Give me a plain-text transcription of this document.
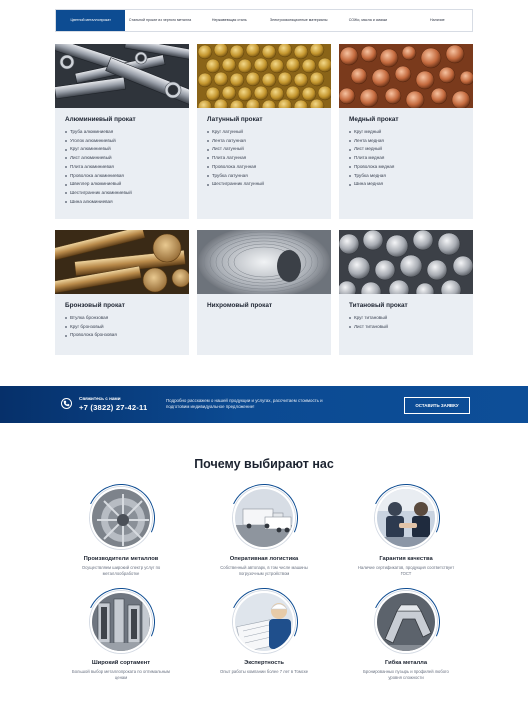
Цветной металлопрокат	Стальной прокат из черного металла	Нержавеющая сталь	Электроизоляционные материалы	СОЖи, масла и смазки	Наличие
Алюминиевый прокат
Труба алюминиевая
Уголок алюминиевый
Круг алюминиевый
Лист алюминиевый
Плита алюминиевая
Проволока алюминиевая
Швеллер алюминиевый
Шестигранник алюминиевый
Шина алюминиевая
Латунный прокат
Круг латунный
Лента латунная
Лист латунный
Плита латунная
Проволока латунная
Трубка латунная
Шестигранник латунный
Медный прокат
Круг медный
Лента медная
Лист медный
Плита медная
Проволока медная
Трубка медная
Шина медная
Бронзовый прокат
Втулка бронзовая
Круг бронзовый
Проволока бронзовая
Нихромовый прокат	Титановый прокат
Круг титановый
Лист титановый
Свяжитесь с нами
+7 (3822) 27-42-11
Подробно расскажем о нашей продукции и услугах, рассчитаем стоимость и подготовим индивидуальное предложение!	ОСТАВИТЬ ЗАЯВКУ
Почему выбирают нас
Производители металлов
Осуществляем широкий спектр услуг по металлообработке
Оперативная логистика
Собственный автопарк, в том числе машины погрузочным устройством
Гарантия качества
Наличие сертификатов, продукция соответствует ГОСТ
Широкий сортамент
Большой выбор металлопроката по оптимальным ценам
Экспертность
Опыт работы компании более 7 лет в Томске
Гибка металла
Бронированных пузырь и профилей любого уровня сложности
